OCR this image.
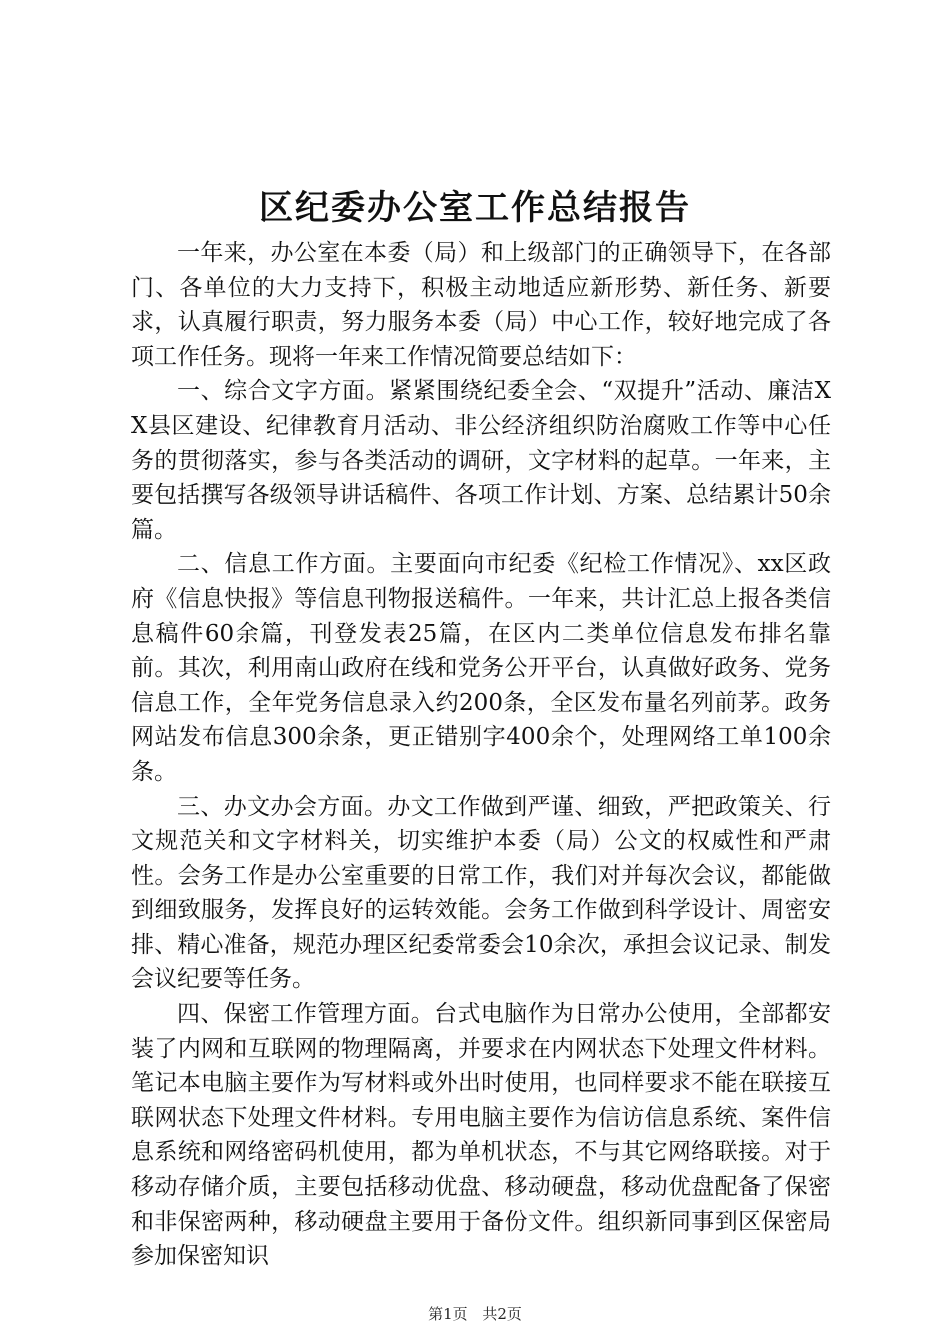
区纪委办公室工作总结报告

一年来，办公室在本委（局）和上级部门的正确领导下，在各部门、各单位的大力支持下，积极主动地适应新形势、新任务、新要求，认真履行职责，努力服务本委（局）中心工作，较好地完成了各项工作任务。现将一年来工作情况简要总结如下：

一、综合文字方面。紧紧围绕纪委全会、“双提升”活动、廉洁XX县区建设、纪律教育月活动、非公经济组织防治腐败工作等中心任务的贯彻落实，参与各类活动的调研，文字材料的起草。一年来，主要包括撰写各级领导讲话稿件、各项工作计划、方案、总结累计50余篇。

二、信息工作方面。主要面向市纪委《纪检工作情况》、xx区政府《信息快报》等信息刊物报送稿件。一年来，共计汇总上报各类信息稿件60余篇，刊登发表25篇，在区内二类单位信息发布排名靠前。其次，利用南山政府在线和党务公开平台，认真做好政务、党务信息工作，全年党务信息录入约200条，全区发布量名列前茅。政务网站发布信息300余条，更正错别字400余个，处理网络工单100余条。

三、办文办会方面。办文工作做到严谨、细致，严把政策关、行文规范关和文字材料关，切实维护本委（局）公文的权威性和严肃性。会务工作是办公室重要的日常工作，我们对并每次会议，都能做到细致服务，发挥良好的运转效能。会务工作做到科学设计、周密安排、精心准备，规范办理区纪委常委会10余次，承担会议记录、制发会议纪要等任务。

四、保密工作管理方面。台式电脑作为日常办公使用，全部都安装了内网和互联网的物理隔离，并要求在内网状态下处理文件材料。笔记本电脑主要作为写材料或外出时使用，也同样要求不能在联接互联网状态下处理文件材料。专用电脑主要作为信访信息系统、案件信息系统和网络密码机使用，都为单机状态，不与其它网络联接。对于移动存储介质，主要包括移动优盘、移动硬盘，移动优盘配备了保密和非保密两种，移动硬盘主要用于备份文件。组织新同事到区保密局参加保密知识

第1页 共2页
